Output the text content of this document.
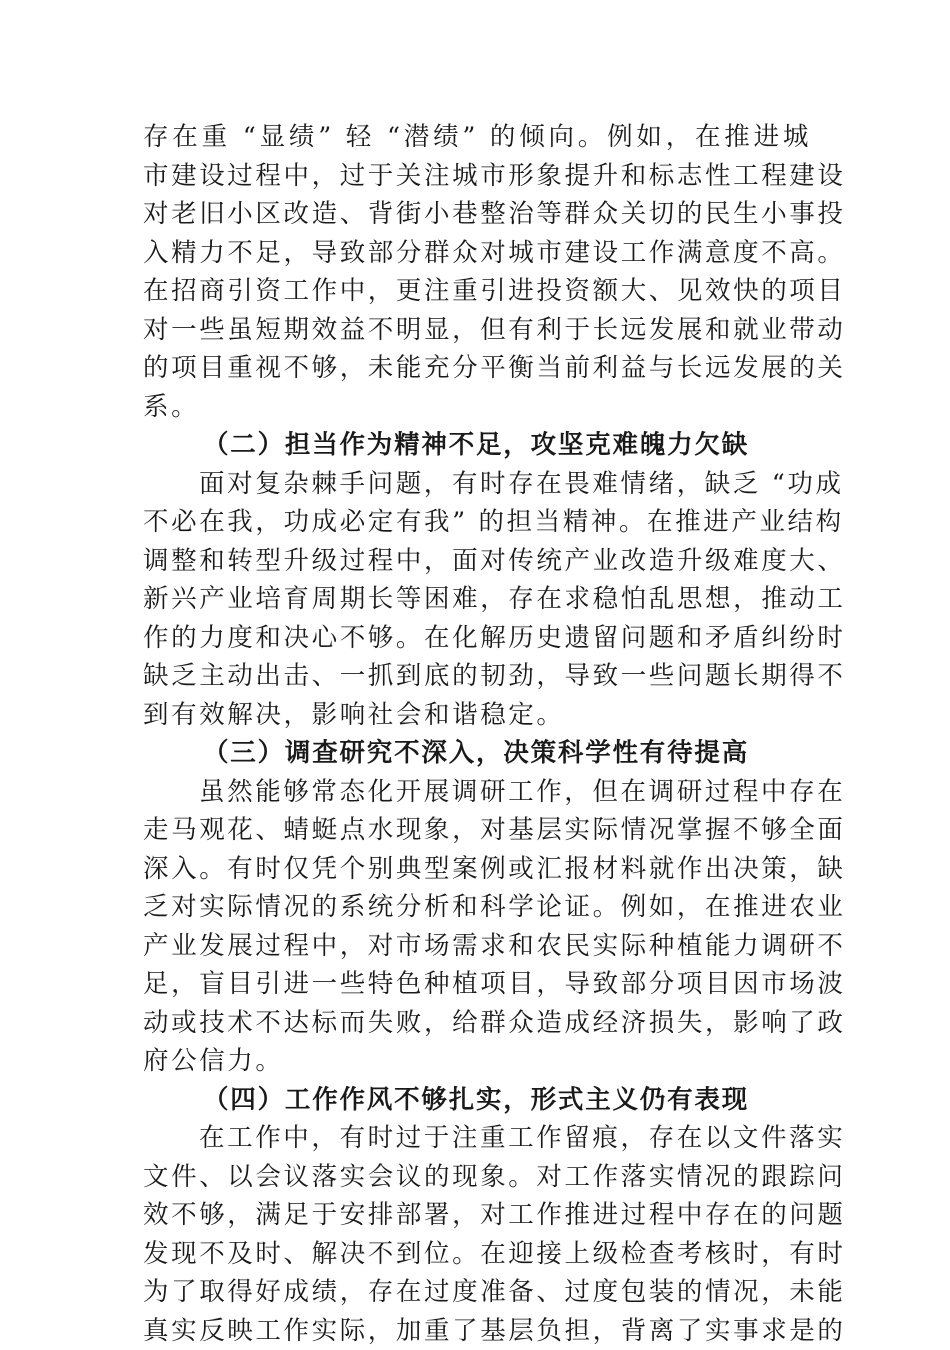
存在重 “显绩” 轻 “潜绩” 的倾向。例如，在推进城
市建设过程中，过于关注城市形象提升和标志性工程建设
对老旧小区改造、背街小巷整治等群众关切的民生小事投
入精力不足，导致部分群众对城市建设工作满意度不高。
在招商引资工作中，更注重引进投资额大、见效快的项目
对一些虽短期效益不明显，但有利于长远发展和就业带动
的项目重视不够，未能充分平衡当前利益与长远发展的关
系。
（二）担当作为精神不足，攻坚克难魄力欠缺
面对复杂棘手问题，有时存在畏难情绪，缺乏 “功成
不必在我，功成必定有我” 的担当精神。在推进产业结构
调整和转型升级过程中，面对传统产业改造升级难度大、
新兴产业培育周期长等困难，存在求稳怕乱思想，推动工
作的力度和决心不够。在化解历史遗留问题和矛盾纠纷时
缺乏主动出击、一抓到底的韧劲，导致一些问题长期得不
到有效解决，影响社会和谐稳定。
（三）调查研究不深入，决策科学性有待提高
虽然能够常态化开展调研工作，但在调研过程中存在
走马观花、蜻蜓点水现象，对基层实际情况掌握不够全面
深入。有时仅凭个别典型案例或汇报材料就作出决策，缺
乏对实际情况的系统分析和科学论证。例如，在推进农业
产业发展过程中，对市场需求和农民实际种植能力调研不
足，盲目引进一些特色种植项目，导致部分项目因市场波
动或技术不达标而失败，给群众造成经济损失，影响了政
府公信力。
（四）工作作风不够扎实，形式主义仍有表现
在工作中，有时过于注重工作留痕，存在以文件落实
文件、以会议落实会议的现象。对工作落实情况的跟踪问
效不够，满足于安排部署，对工作推进过程中存在的问题
发现不及时、解决不到位。在迎接上级检查考核时，有时
为了取得好成绩，存在过度准备、过度包装的情况，未能
真实反映工作实际，加重了基层负担，背离了实事求是的
